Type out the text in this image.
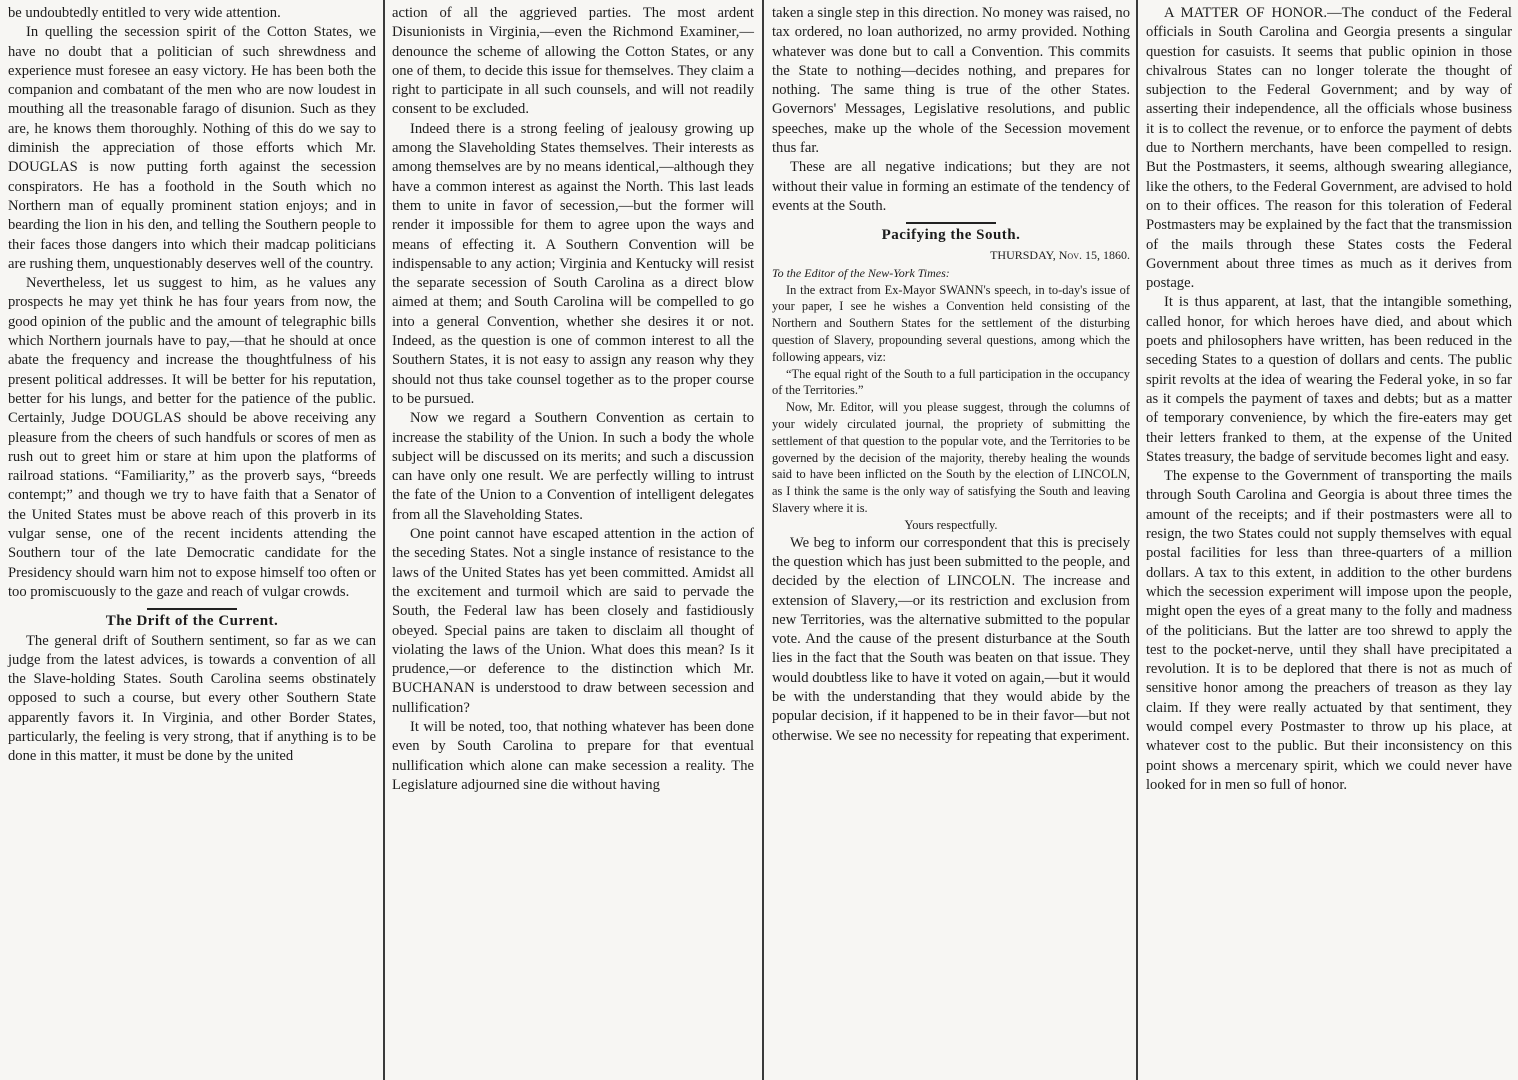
be undoubtedly entitled to very wide attention.

In quelling the secession spirit of the Cotton States, we have no doubt that a politician of such shrewdness and experience must foresee an easy victory. He has been both the companion and combatant of the men who are now loudest in mouthing all the treasonable farago of disunion. Such as they are, he knows them thoroughly. Nothing of this do we say to diminish the appreciation of those efforts which Mr. DOUGLAS is now putting forth against the secession conspirators. He has a foothold in the South which no Northern man of equally prominent station enjoys; and in bearding the lion in his den, and telling the Southern people to their faces those dangers into which their madcap politicians are rushing them, unquestionably deserves well of the country.

Nevertheless, let us suggest to him, as he values any prospects he may yet think he has four years from now, the good opinion of the public and the amount of telegraphic bills which Northern journals have to pay,—that he should at once abate the frequency and increase the thoughtfulness of his present political addresses. It will be better for his reputation, better for his lungs, and better for the patience of the public. Certainly, Judge DOUGLAS should be above receiving any pleasure from the cheers of such handfuls or scores of men as rush out to greet him or stare at him upon the platforms of railroad stations. “Familiarity,” as the proverb says, “breeds contempt;” and though we try to have faith that a Senator of the United States must be above reach of this proverb in its vulgar sense, one of the recent incidents attending the Southern tour of the late Democratic candidate for the Presidency should warn him not to expose himself too often or too promiscuously to the gaze and reach of vulgar crowds.

The Drift of the Current.

The general drift of Southern sentiment, so far as we can judge from the latest advices, is towards a convention of all the Slave-holding States. South Carolina seems obstinately opposed to such a course, but every other Southern State apparently favors it. In Virginia, and other Border States, particularly, the feeling is very strong, that if anything is to be done in this matter, it must be done by the united

action of all the aggrieved parties. The most ardent Disunionists in Virginia,—even the Richmond Examiner,—denounce the scheme of allowing the Cotton States, or any one of them, to decide this issue for themselves. They claim a right to participate in all such counsels, and will not readily consent to be excluded.

Indeed there is a strong feeling of jealousy growing up among the Slaveholding States themselves. Their interests as among themselves are by no means identical,—although they have a common interest as against the North. This last leads them to unite in favor of secession,—but the former will render it impossible for them to agree upon the ways and means of effecting it. A Southern Convention will be indispensable to any action; Virginia and Kentucky will resist the separate secession of South Carolina as a direct blow aimed at them; and South Carolina will be compelled to go into a general Convention, whether she desires it or not. Indeed, as the question is one of common interest to all the Southern States, it is not easy to assign any reason why they should not thus take counsel together as to the proper course to be pursued.

Now we regard a Southern Convention as certain to increase the stability of the Union. In such a body the whole subject will be discussed on its merits; and such a discussion can have only one result. We are perfectly willing to intrust the fate of the Union to a Convention of intelligent delegates from all the Slaveholding States.

One point cannot have escaped attention in the action of the seceding States. Not a single instance of resistance to the laws of the United States has yet been committed. Amidst all the excitement and turmoil which are said to pervade the South, the Federal law has been closely and fastidiously obeyed. Special pains are taken to disclaim all thought of violating the laws of the Union. What does this mean? Is it prudence,—or deference to the distinction which Mr. BUCHANAN is understood to draw between secession and nullification?

It will be noted, too, that nothing whatever has been done even by South Carolina to prepare for that eventual nullification which alone can make secession a reality. The Legislature adjourned sine die without having

taken a single step in this direction. No money was raised, no tax ordered, no loan authorized, no army provided. Nothing whatever was done but to call a Convention. This commits the State to nothing—decides nothing, and prepares for nothing. The same thing is true of the other States. Governors' Messages, Legislative resolutions, and public speeches, make up the whole of the Secession movement thus far.

These are all negative indications; but they are not without their value in forming an estimate of the tendency of events at the South.

Pacifying the South.

THURSDAY, Nov. 15, 1860.

To the Editor of the New-York Times:

In the extract from Ex-Mayor SWANN's speech, in to-day's issue of your paper, I see he wishes a Convention held consisting of the Northern and Southern States for the settlement of the disturbing question of Slavery, propounding several questions, among which the following appears, viz:

“The equal right of the South to a full participation in the occupancy of the Territories.”

Now, Mr. Editor, will you please suggest, through the columns of your widely circulated journal, the propriety of submitting the settlement of that question to the popular vote, and the Territories to be governed by the decision of the majority, thereby healing the wounds said to have been inflicted on the South by the election of LINCOLN, as I think the same is the only way of satisfying the South and leaving Slavery where it is.

Yours respectfully.

We beg to inform our correspondent that this is precisely the question which has just been submitted to the people, and decided by the election of LINCOLN. The increase and extension of Slavery,—or its restriction and exclusion from new Territories, was the alternative submitted to the popular vote. And the cause of the present disturbance at the South lies in the fact that the South was beaten on that issue. They would doubtless like to have it voted on again,—but it would be with the understanding that they would abide by the popular decision, if it happened to be in their favor—but not otherwise. We see no necessity for repeating that experiment.

A MATTER OF HONOR.—The conduct of the Federal officials in South Carolina and Georgia presents a singular question for casuists. It seems that public opinion in those chivalrous States can no longer tolerate the thought of subjection to the Federal Government; and by way of asserting their independence, all the officials whose business it is to collect the revenue, or to enforce the payment of debts due to Northern merchants, have been compelled to resign. But the Postmasters, it seems, although swearing allegiance, like the others, to the Federal Government, are advised to hold on to their offices. The reason for this toleration of Federal Postmasters may be explained by the fact that the transmission of the mails through these States costs the Federal Government about three times as much as it derives from postage.

It is thus apparent, at last, that the intangible something, called honor, for which heroes have died, and about which poets and philosophers have written, has been reduced in the seceding States to a question of dollars and cents. The public spirit revolts at the idea of wearing the Federal yoke, in so far as it compels the payment of taxes and debts; but as a matter of temporary convenience, by which the fire-eaters may get their letters franked to them, at the expense of the United States treasury, the badge of servitude becomes light and easy.

The expense to the Government of transporting the mails through South Carolina and Georgia is about three times the amount of the receipts; and if their postmasters were all to resign, the two States could not supply themselves with equal postal facilities for less than three-quarters of a million dollars. A tax to this extent, in addition to the other burdens which the secession experiment will impose upon the people, might open the eyes of a great many to the folly and madness of the politicians. But the latter are too shrewd to apply the test to the pocket-nerve, until they shall have precipitated a revolution. It is to be deplored that there is not as much of sensitive honor among the preachers of treason as they lay claim. If they were really actuated by that sentiment, they would compel every Postmaster to throw up his place, at whatever cost to the public. But their inconsistency on this point shows a mercenary spirit, which we could never have looked for in men so full of honor.
